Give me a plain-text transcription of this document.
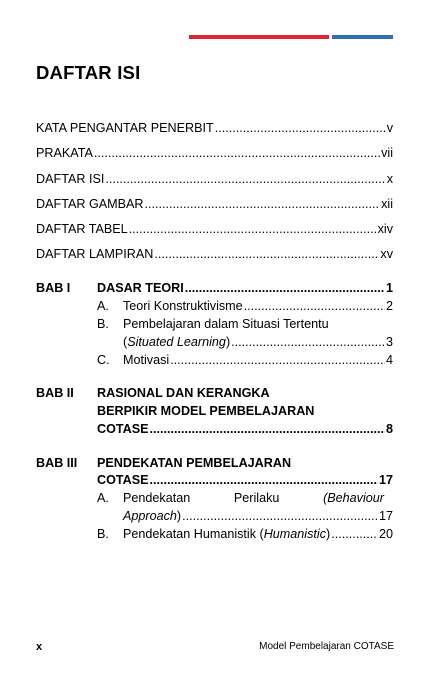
DAFTAR ISI
KATA PENGANTAR PENERBIT .....	v
PRAKATA .....	vii
DAFTAR ISI .....	x
DAFTAR GAMBAR .....	xii
DAFTAR TABEL .....	xiv
DAFTAR LAMPIRAN .....	xv
BAB I DASAR TEORI .....	1
A. Teori Konstruktivisme .....	2
B. Pembelajaran dalam Situasi Tertentu
(Situated Learning) .....	3
C. Motivasi .....	4
BAB II RASIONAL DAN KERANGKA
BERPIKIR MODEL PEMBELAJARAN
COTASE .....	8
BAB III PENDEKATAN PEMBELAJARAN
COTASE .....	17
A. Pendekatan	Perilaku	(Behaviour
Approach) .....	17
B. Pendekatan Humanistik (Humanistic) .....	20
x	Model Pembelajaran COTASE
